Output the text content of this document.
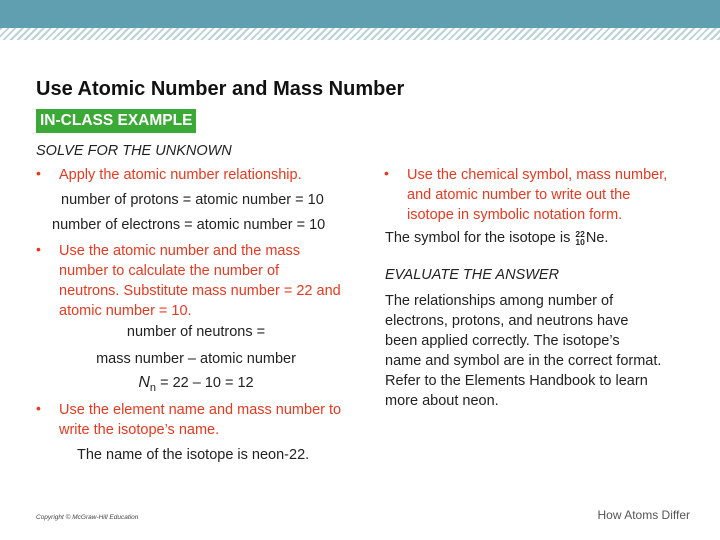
Use Atomic Number and Mass Number
IN-CLASS EXAMPLE
SOLVE FOR THE UNKNOWN
• Apply the atomic number relationship.
number of protons = atomic number = 10
number of electrons = atomic number = 10
• Use the atomic number and the mass
number to calculate the number of
neutrons. Substitute mass number = 22 and
atomic number = 10.
number of neutrons =
mass number – atomic number
$N_n = 22 - 10 = 12$
• Use the element name and mass number to
write the isotope’s name.
The name of the isotope is neon-22.
• Use the chemical symbol, mass number,
and atomic number to write out the
isotope in symbolic notation form.
The symbol for the isotope is 22
10 Ne.
EVALUATE THE ANSWER
The relationships among number of
electrons, protons, and neutrons have
been applied correctly. The isotope’s
name and symbol are in the correct format.
Refer to the Elements Handbook to learn
more about neon.
Copyright © McGraw-Hill Education	How Atoms Differ
